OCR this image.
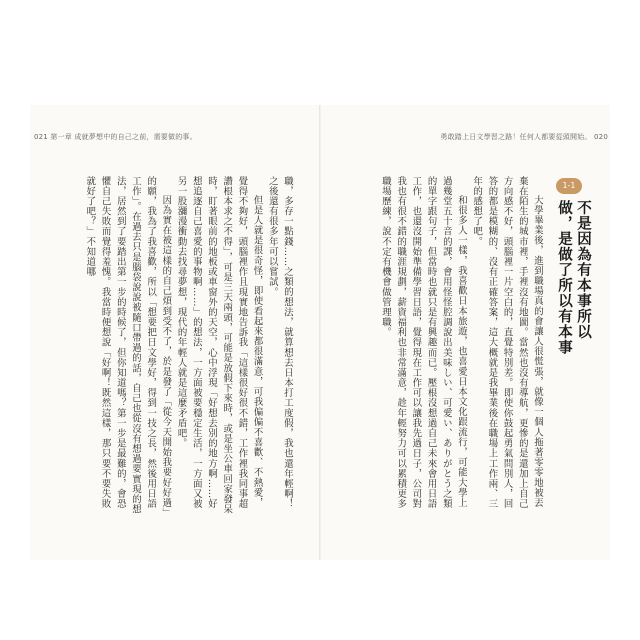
021 第一章 成就夢想中的自己之前，需要做的事。	勇敢踏上日文學習之路！任何人都要從頭開始。 020
1-1
不是因為有本事所以做，是做了所以有本事

大學畢業後，進到職場真的會讓人很慌張，就像一個人拖著零零地被丟棄在陌生的城市裡，手裡沒有地圖。當然也沒有導航，更慘的是還加上自己方向感不好，頭腦裡一片空白的，直覺特別差。即使你鼓起勇氣問別人，回答的都是模糊的、沒有正確答案，這大概就是我畢業後在職場上工作兩、三年的感想了吧。

和很多人一樣，我喜歡日本旅遊，也喜愛日本文化跟流行，可能大學上過幾堂五十音的課，會用怪怪腔調說出美味しい、可愛い、ありがとう之類的單字跟句子，但當時也就只是有興趣而已。壓根沒想過自己未來會用日語工作，也還沒開始準備學習日語，覺得現在工作可以讓我先過日子，公司對我也有很不錯的職涯規劃，薪資福利也非常滿意，趁年輕努力可以累積更多職場歷練，說不定有機會做管理職。

職，多存一點錢……之類的想法，就算想去日本打工度假，我也還年輕啊！之後還有很多年可以嘗試。

但是人就是很奇怪，即使看起來都很滿意，可我偏偏不喜歡、不熱愛，覺得不夠好，頭腦裡作且現實地告訴我「這樣很好很不錯，工作裡我同事超讚根本求之不得」，可是三天兩頭，可能是放假下來時，或是坐公車回家發呆時，盯著眼前的地板或車窗外的天空，心中浮現「好想去別的地方啊……好想追逐自己喜愛的事物啊……」的想法，一方面被要穩定生活，一方面又被另一股瀰漫衝動去找尋夢想，現代的年輕人就是這麼矛盾吧。

因為實在被這樣的自己煩到受不了，於是發了「從今天開始我要好好過」的願，我為了我喜歡，所以「想要把日文學好，得到一技之長，然後用日語工作」。在過去只是腦袋說說被隨口帶過的話，自己也從沒有想過要實現的想法，居然到了要踏出第一步的時候了，但你知道嗎？第一步是最難的，會恐懼自己失敗而覺得羞愧。我當時便想說「好啊！既然這樣，那只要不要失敗就好了吧？」不知道哪
